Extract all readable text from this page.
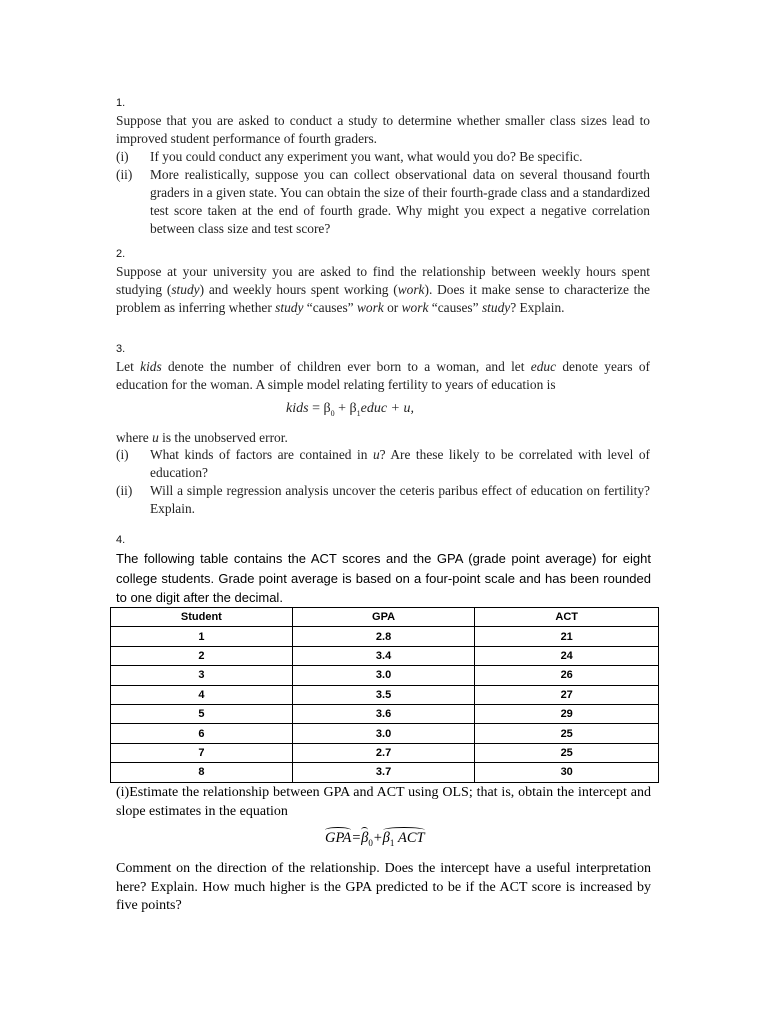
1.

Suppose that you are asked to conduct a study to determine whether smaller class sizes lead to improved student performance of fourth graders.

(i)	If you could conduct any experiment you want, what would you do? Be specific.

(ii)	More realistically, suppose you can collect observational data on several thousand fourth graders in a given state. You can obtain the size of their fourth-grade class and a standardized test score taken at the end of fourth grade. Why might you expect a negative correlation between class size and test score?

2.

Suppose at your university you are asked to find the relationship between weekly hours spent studying (study) and weekly hours spent working (work). Does it make sense to characterize the problem as inferring whether study “causes” work or work “causes” study? Explain.

3.

Let kids denote the number of children ever born to a woman, and let educ denote years of education for the woman. A simple model relating fertility to years of education is

kids = $\beta_0$ + $\beta_1educ + u$,

where u is the unobserved error.

(i)	What kinds of factors are contained in u? Are these likely to be correlated with level of education?

(ii)	Will a simple regression analysis uncover the ceteris paribus effect of education on fertility? Explain.

4.

The following table contains the ACT scores and the GPA (grade point average) for eight college students. Grade point average is based on a four-point scale and has been rounded to one digit after the decimal.

Student	GPA	ACT
1	2.8	21
2	3.4	24
3	3.0	26
4	3.5	27
5	3.6	29
6	3.0	25
7	2.7	25
8	3.7	30

(i)Estimate the relationship between GPA and ACT using OLS; that is, obtain the intercept and slope estimates in the equation

$GPA=\beta_0+\beta_1$ ACT

Comment on the direction of the relationship. Does the intercept have a useful interpretation here? Explain. How much higher is the GPA predicted to be if the ACT score is increased by five points?
